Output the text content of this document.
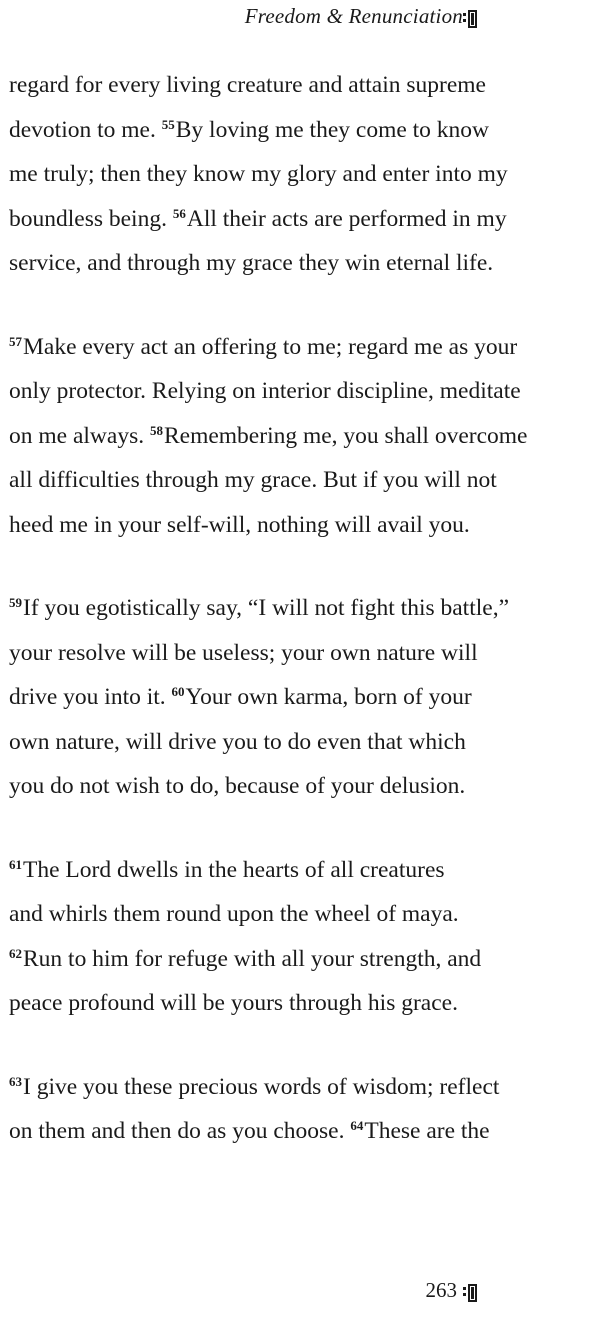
Freedom & Renunciation
regard for every living creature and attain supreme
devotion to me. $^{55}$By loving me they come to know
me truly; then they know my glory and enter into my
boundless being. $^{56}$All their acts are performed in my
service, and through my grace they win eternal life.
$^{57}$Make every act an offering to me; regard me as your
only protector. Relying on interior discipline, meditate
on me always. $^{58}$Remembering me, you shall overcome
all difficulties through my grace. But if you will not
heed me in your self-will, nothing will avail you.
$^{59}$If you egotistically say, “I will not fight this battle,”
your resolve will be useless; your own nature will
drive you into it. $^{60}$Your own karma, born of your
own nature, will drive you to do even that which
you do not wish to do, because of your delusion.
$^{61}$The Lord dwells in the hearts of all creatures
and whirls them round upon the wheel of maya.
$^{62}$Run to him for refuge with all your strength, and
peace profound will be yours through his grace.
$^{63}$I give you these precious words of wisdom; reflect
on them and then do as you choose. $^{64}$These are the
263
